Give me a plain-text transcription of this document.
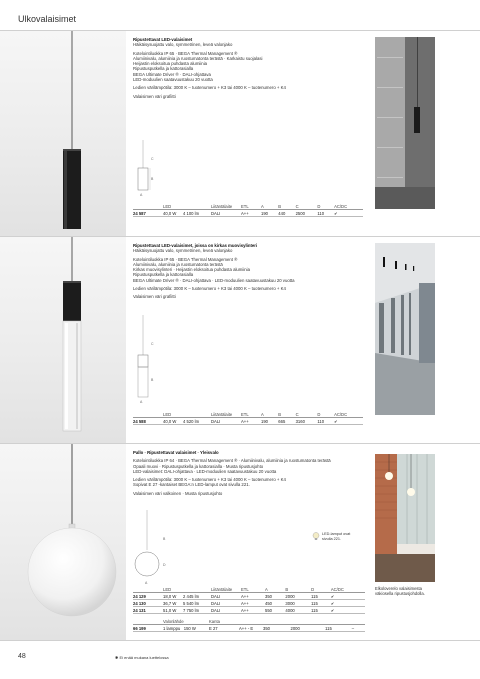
Ulkovalaisimet

Ripustettavat LED-valaisimet

Häikäisysuojattu valo, symmetrinen, leveä valonjako

Kotelointiluokka IP 65 · BEGA Thermal Management ®

Alumiinivalu, alumiinia ja ruostumatonta terästä · Karkaistu suojalasi

Heijastin eloksoitua puhdasta alumiinia

Ripustusputkella ja kattorasialla

BEGA Ultimate Driver ® · DALI-ohjattava

LED-moduulien saatavuustakuu 20 vuotta

Ledien värilämpötila: 3000 K – tuotenumero + K3 tai 4000 K – tuotenumero + K4

Valaisimen väri grafiitti

B
C
A
	LED		Liitäntälaite	ETL	A	B	C	D	AC/DC
24 587	40,0 W	4 100 lm	DALI	A++	190	440	2500	110	✔

Ripustettavat LED-valaisimet, joissa on kirkas muovisylinteri

Häikäisysuojattu valo, symmetrinen, leveä valonjako

Kotelointiluokka IP 65 · BEGA Thermal Management ®

Alumiinivalu, alumiinia ja ruostumatonta terästä

Kirkas muovisylinteri · Heijastin eloksoitua puhdasta alumiinia

Ripustusputkella ja kattorasialla

BEGA Ultimate Driver ® · DALI-ohjattava · LED-moduulien saatavuustakuu 20 vuotta

Ledien värilämpötila: 3000 K – tuotenumero + K3 tai 4000 K – tuotenumero + K4

Valaisimen väri grafiitti

C
B
A
	LED		Liitäntälaite	ETL	A	B	C	D	AC/DC
24 588	40,0 W	4 520 lm	DALI	A++	190	665	3160	110	✔

Pallo · Ripustettavat valaisimet · Yleisvalo

Kotelointiluokka IP 64 · BEGA Thermal Management ® · Alumiinivalu, alumiinia ja ruostumatonta terästä

Opaali muovi · Ripustusputkella ja kattorasialla · Musta ripustusjohto

LED-valaisimet: DALI-ohjattava · LED-moduulien saatavuustakuu 20 vuotta

Ledien värilämpötila: 3000 K – tuotenumero + K3 tai 4000 K – tuotenumero + K4

Sopivat E 27 -kantaiset BEGA:n LED-lamput ovat sivulla 221.

Valaisimen väri valkoinen · Musta ripustusjohto

B
D
A
LED-lamput ovat sivulla 221.
	LED		Liitäntälaite	ETL	A	B	D	AC/DC
24 129	18,0 W	2 445 lm	DALI	A++	350	2000	115	✔
24 130	36,7 W	5 540 lm	DALI	A++	450	3000	115	✔
24 131	51,0 W	7 750 lm	DALI	A++	550	4000	115	✔
	Valonlähde	Kanta					
66 199	1 lamppu 150 W	E 27	A++ - E	350	2000	115	–
Elkoloverelo valaisimesta väkiosella ripustusjohdolla.
48	✱ Ei enää mukana luettelossa
